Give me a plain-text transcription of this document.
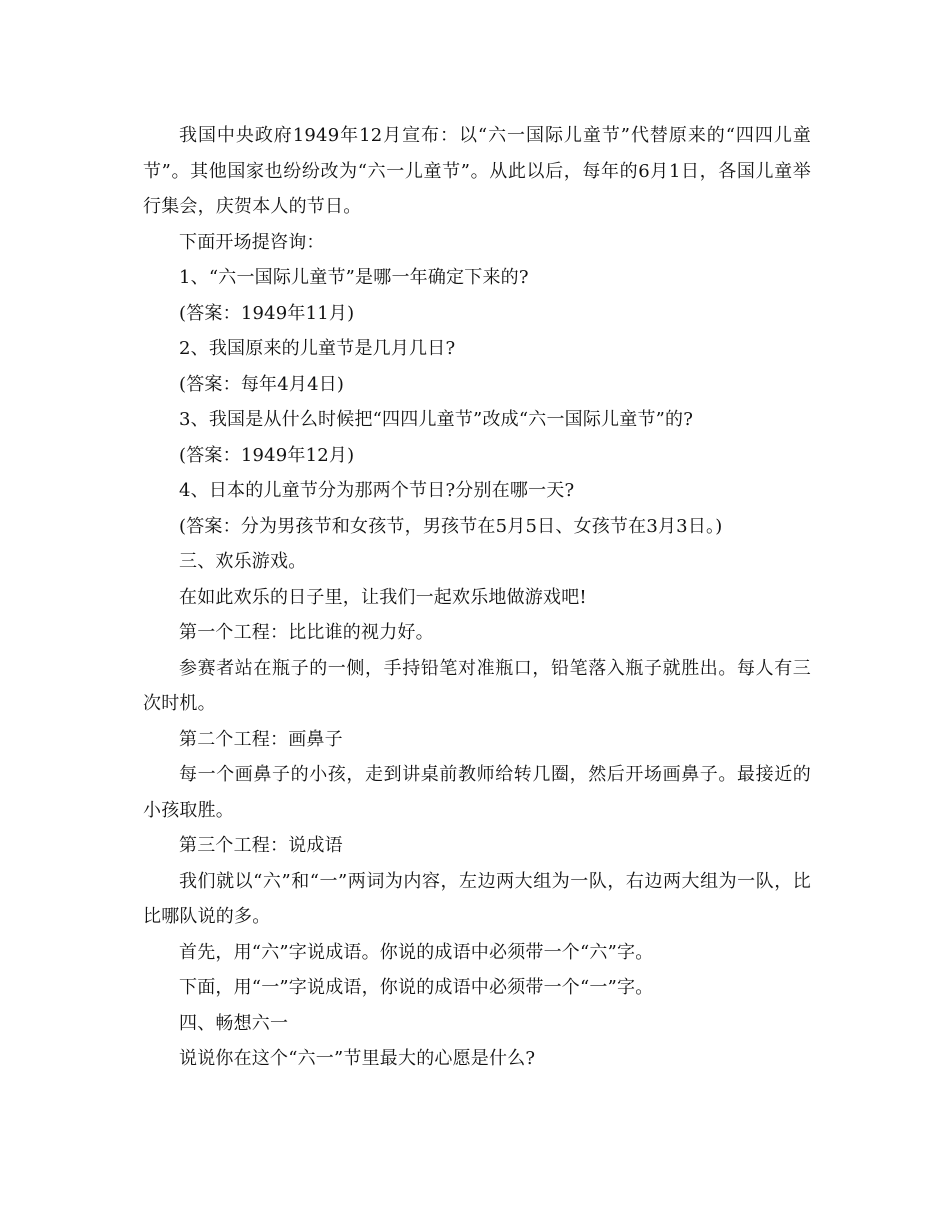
我国中央政府1949年12月宣布：以“六一国际儿童节”代替原来的“四四儿童节”。其他国家也纷纷改为“六一儿童节”。从此以后，每年的6月1日，各国儿童举行集会，庆贺本人的节日。

下面开场提咨询：

1、“六一国际儿童节”是哪一年确定下来的?

(答案：1949年11月)

2、我国原来的儿童节是几月几日?

(答案：每年4月4日)

3、我国是从什么时候把“四四儿童节”改成“六一国际儿童节”的?

(答案：1949年12月)

4、日本的儿童节分为那两个节日?分别在哪一天?

(答案：分为男孩节和女孩节，男孩节在5月5日、女孩节在3月3日。)

三、欢乐游戏。

在如此欢乐的日子里，让我们一起欢乐地做游戏吧!

第一个工程：比比谁的视力好。

参赛者站在瓶子的一侧，手持铅笔对准瓶口，铅笔落入瓶子就胜出。每人有三次时机。

第二个工程：画鼻子

每一个画鼻子的小孩，走到讲桌前教师给转几圈，然后开场画鼻子。最接近的小孩取胜。

第三个工程：说成语

我们就以“六”和“一”两词为内容，左边两大组为一队，右边两大组为一队，比比哪队说的多。

首先，用“六”字说成语。你说的成语中必须带一个“六”字。

下面，用“一”字说成语，你说的成语中必须带一个“一”字。

四、畅想六一

说说你在这个“六一”节里最大的心愿是什么?
